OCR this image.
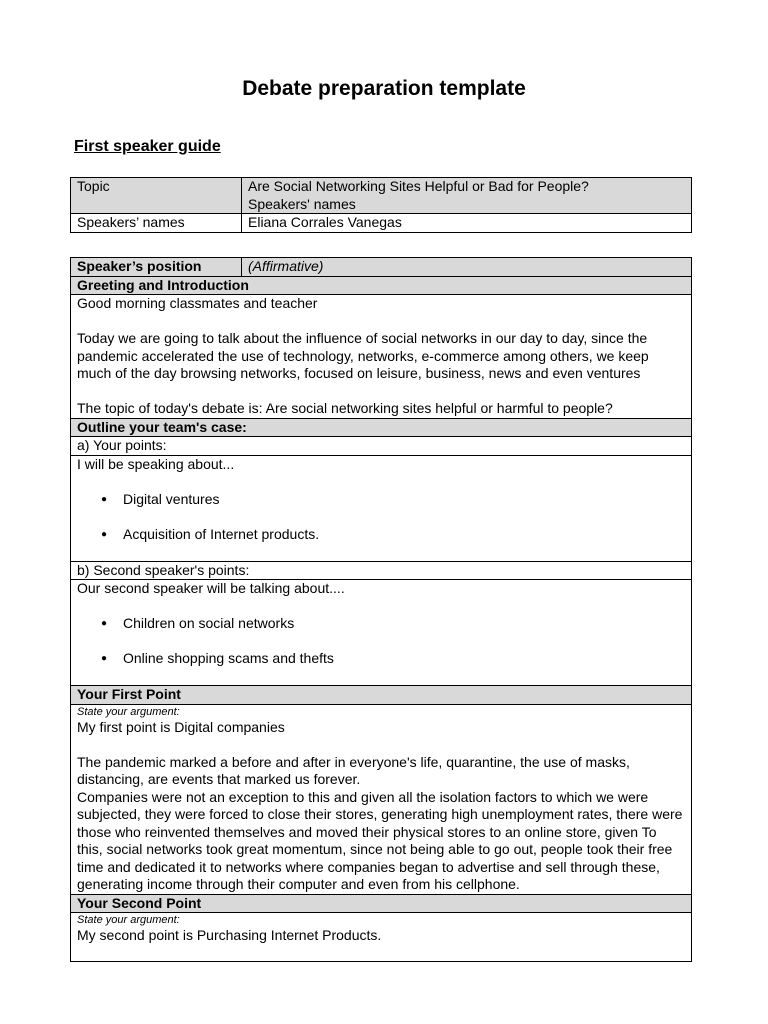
Debate preparation template
First speaker guide
Topic	Are Social Networking Sites Helpful or Bad for People?

Speakers' names

Speakers’ names	Eliana Corrales Vanegas
Speaker’s position	(Affirmative)
Greeting and Introduction

Good morning classmates and teacher

Today we are going to talk about the influence of social networks in our day to day, since the pandemic accelerated the use of technology, networks, e-commerce among others, we keep much of the day browsing networks, focused on leisure, business, news and even ventures

The topic of today's debate is: Are social networking sites helpful or harmful to people?

Outline your team's case:
a) Your points:

I will be speaking about...

● Digital ventures
● Acquisition of Internet products.

b) Second speaker's points:

Our second speaker will be talking about....

● Children on social networks
● Online shopping scams and thefts

Your First Point

State your argument:

My first point is Digital companies

The pandemic marked a before and after in everyone's life, quarantine, the use of masks, distancing, are events that marked us forever.

Companies were not an exception to this and given all the isolation factors to which we were subjected, they were forced to close their stores, generating high unemployment rates, there were those who reinvented themselves and moved their physical stores to an online store, given To this, social networks took great momentum, since not being able to go out, people took their free time and dedicated it to networks where companies began to advertise and sell through these, generating income through their computer and even from his cellphone.

Your Second Point

State your argument:

My second point is Purchasing Internet Products.
